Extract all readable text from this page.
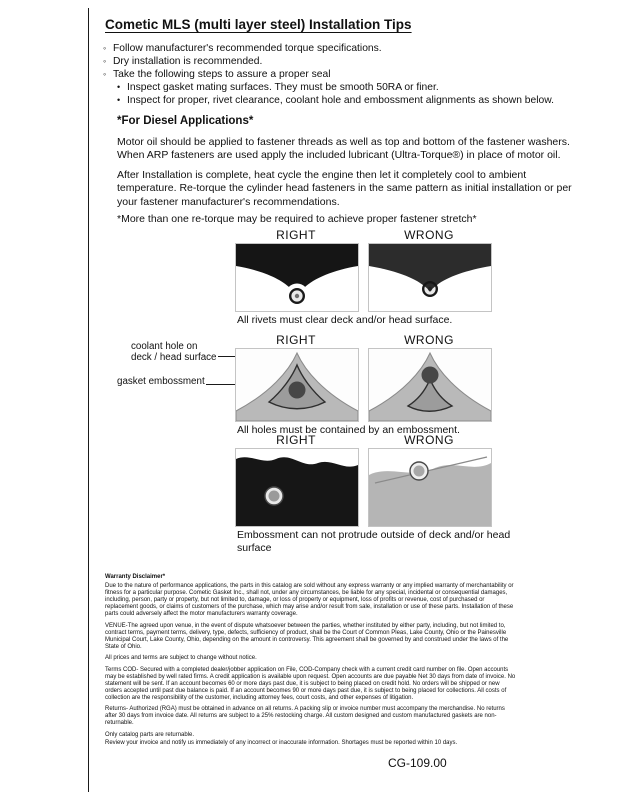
Cometic MLS (multi layer steel) Installation Tips
◦ Follow manufacturer's recommended torque specifications.
◦ Dry installation is recommended.
◦ Take the following steps to assure a proper seal
• Inspect gasket mating surfaces. They must be smooth 50RA or finer.
• Inspect for proper, rivet clearance, coolant hole and embossment alignments as shown below.
*For Diesel Applications*

Motor oil should be applied to fastener threads as well as top and bottom of the fastener washers. When ARP fasteners are used apply the included lubricant (Ultra-Torque®) in place of motor oil.

After Installation is complete, heat cycle the engine then let it completely cool to ambient temperature. Re-torque the cylinder head fasteners in the same pattern as initial installation or per your fastener manufacturer's recommendations.

*More than one re-torque may be required to achieve proper fastener stretch*

RIGHT	WRONG
All rivets must clear deck and/or head surface.
RIGHT	WRONG
coolant hole on deck / head surface
gasket embossment
All holes must be contained by an embossment.
RIGHT	WRONG
Embossment can not protrude outside of deck and/or head surface

Warranty Disclaimer*

Due to the nature of performance applications, the parts in this catalog are sold without any express warranty or any implied warranty of merchantability or fitness for a particular purpose. Cometic Gasket Inc., shall not, under any circumstances, be liable for any special, incidental or consequential damages, including, person, party or property, but not limited to, damage, or loss of property or equipment, loss of profits or revenue, cost of purchased or replacement goods, or claims of customers of the purchase, which may arise and/or result from sale, installation or use of these parts. Installation of these parts could adversely affect the motor manufacturers warranty coverage.

VENUE-The agreed upon venue, in the event of dispute whatsoever between the parties, whether instituted by either party, including, but not limited to, contract terms, payment terms, delivery, type, defects, sufficiency of product, shall be the Court of Common Pleas, Lake County, Ohio or the Painesville Municipal Court, Lake County, Ohio, depending on the amount in controversy. This agreement shall be governed by and construed under the laws of the State of Ohio.

All prices and terms are subject to change without notice.

Terms COD- Secured with a completed dealer/jobber application on File, COD-Company check with a current credit card number on file. Open accounts may be established by well rated firms. A credit application is available upon request. Open accounts are due payable Net 30 days from date of invoice. No statement will be sent. If an account becomes 60 or more days past due, it is subject to being placed on credit hold. No orders will be shipped or new orders accepted until past due balance is paid. If an account becomes 90 or more days past due, it is subject to being placed for collections. All costs of collection are the responsibility of the customer, including attorney fees, court costs, and other expenses of litigation.

Returns- Authorized (RGA) must be obtained in advance on all returns. A packing slip or invoice number must accompany the merchandise. No returns after 30 days from invoice date. All returns are subject to a 25% restocking charge. All custom designed and custom manufactured gaskets are non-returnable.

Only catalog parts are returnable.

Review your invoice and notify us immediately of any incorrect or inaccurate information. Shortages must be reported within 10 days.

CG-109.00
